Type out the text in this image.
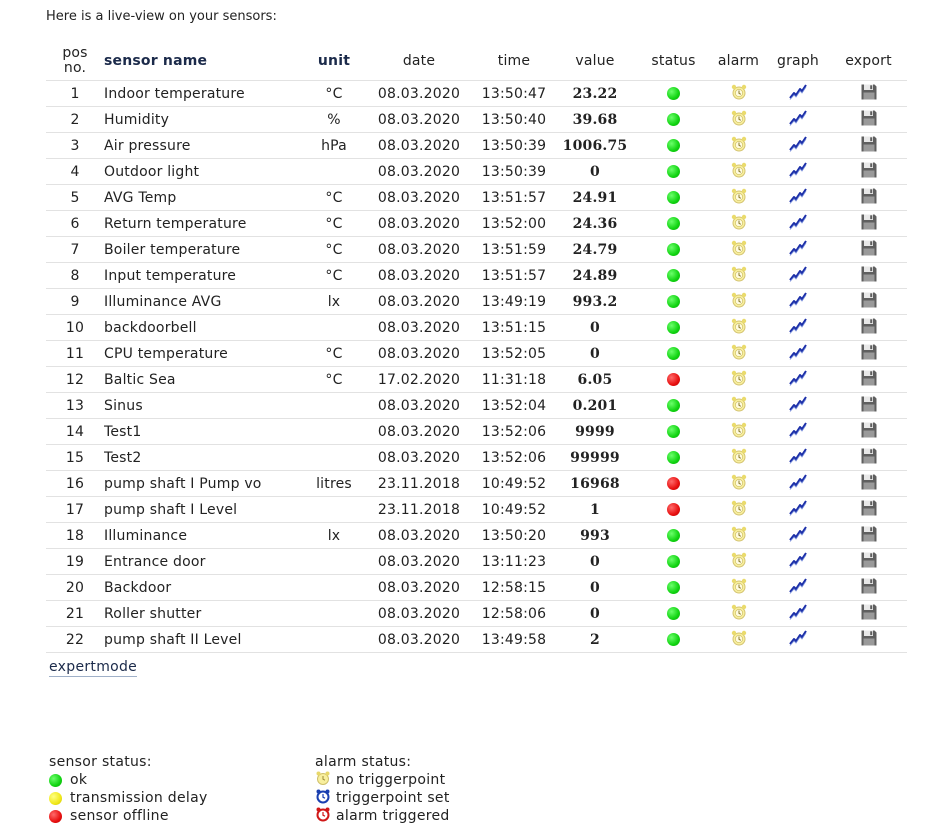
Here is a live-view on your sensors:
pos
no.	sensor name	unit	date	time	value	status	alarm	graph	export
1	Indoor temperature	°C	08.03.2020	13:50:47	23.22				
2	Humidity	%	08.03.2020	13:50:40	39.68				
3	Air pressure	hPa	08.03.2020	13:50:39	1006.75				
4	Outdoor light		08.03.2020	13:50:39	0				
5	AVG Temp	°C	08.03.2020	13:51:57	24.91				
6	Return temperature	°C	08.03.2020	13:52:00	24.36				
7	Boiler temperature	°C	08.03.2020	13:51:59	24.79				
8	Input temperature	°C	08.03.2020	13:51:57	24.89				
9	Illuminance AVG	lx	08.03.2020	13:49:19	993.2				
10	backdoorbell		08.03.2020	13:51:15	0				
11	CPU temperature	°C	08.03.2020	13:52:05	0				
12	Baltic Sea	°C	17.02.2020	11:31:18	6.05				
13	Sinus		08.03.2020	13:52:04	0.201				
14	Test1		08.03.2020	13:52:06	9999				
15	Test2		08.03.2020	13:52:06	99999				
16	pump shaft I Pump vo	litres	23.11.2018	10:49:52	16968				
17	pump shaft I Level		23.11.2018	10:49:52	1				
18	Illuminance	lx	08.03.2020	13:50:20	993				
19	Entrance door		08.03.2020	13:11:23	0				
20	Backdoor		08.03.2020	12:58:15	0				
21	Roller shutter		08.03.2020	12:58:06	0				
22	pump shaft II Level		08.03.2020	13:49:58	2				
expertmode
sensor status:
ok
transmission delay
sensor offline
alarm status:
no triggerpoint
triggerpoint set
alarm triggered
